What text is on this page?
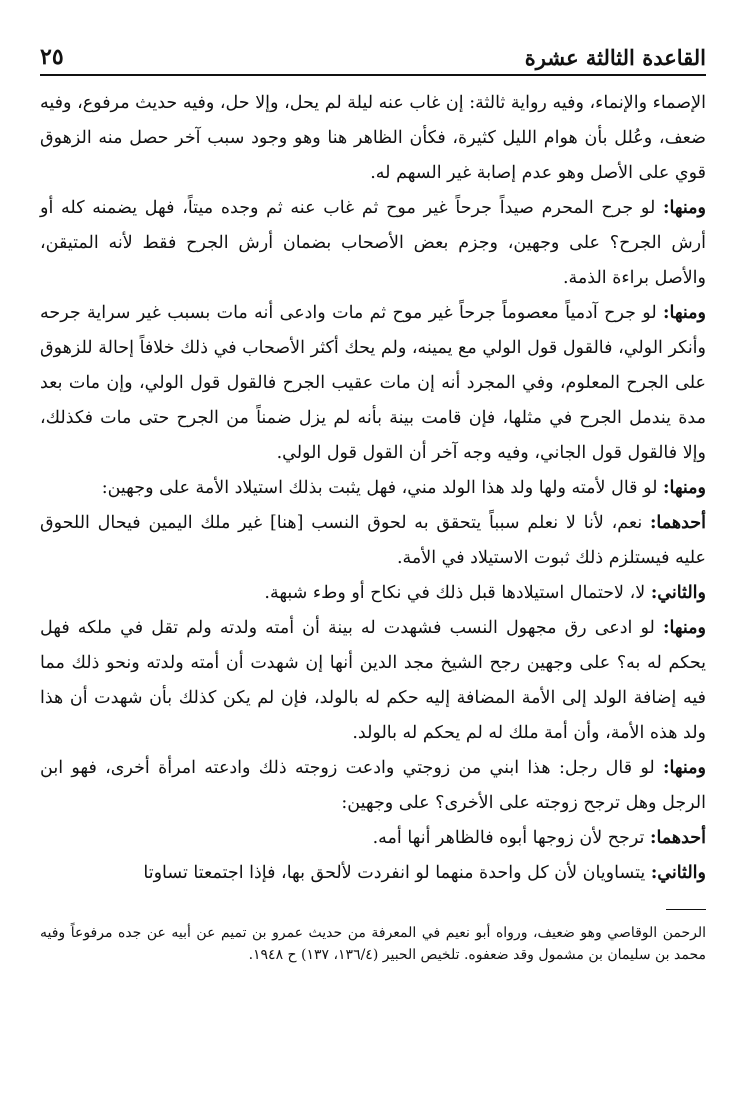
القاعدة الثالثة عشرة
٢٥

الإصماء والإنماء، وفيه رواية ثالثة: إن غاب عنه ليلة لم يحل، وإلا حل، وفيه حديث مرفوع، وفيه ضعف، وعُلل بأن هوام الليل كثيرة، فكأن الظاهر هنا وهو وجود سبب آخر حصل منه الزهوق قوي على الأصل وهو عدم إصابة غير السهم له.

ومنها: لو جرح المحرم صيداً جرحاً غير موح ثم غاب عنه ثم وجده ميتاً، فهل يضمنه كله أو أرش الجرح؟ على وجهين، وجزم بعض الأصحاب بضمان أرش الجرح فقط لأنه المتيقن، والأصل براءة الذمة.

ومنها: لو جرح آدمياً معصوماً جرحاً غير موح ثم مات وادعى أنه مات بسبب غير سراية جرحه وأنكر الولي، فالقول قول الولي مع يمينه، ولم يحك أكثر الأصحاب في ذلك خلافاً إحالة للزهوق على الجرح المعلوم، وفي المجرد أنه إن مات عقيب الجرح فالقول قول الولي، وإن مات بعد مدة يندمل الجرح في مثلها، فإن قامت بينة بأنه لم يزل ضمناً من الجرح حتى مات فكذلك، وإلا فالقول قول الجاني، وفيه وجه آخر أن القول قول الولي.

ومنها: لو قال لأمته ولها ولد هذا الولد مني، فهل يثبت بذلك استيلاد الأمة على وجهين:

أحدهما: نعم، لأنا لا نعلم سبباً يتحقق به لحوق النسب [هنا] غير ملك اليمين فيحال اللحوق عليه فيستلزم ذلك ثبوت الاستيلاد في الأمة.

والثاني: لا، لاحتمال استيلادها قبل ذلك في نكاح أو وطء شبهة.

ومنها: لو ادعى رق مجهول النسب فشهدت له بينة أن أمته ولدته ولم تقل في ملكه فهل يحكم له به؟ على وجهين رجح الشيخ مجد الدين أنها إن شهدت أن أمته ولدته ونحو ذلك مما فيه إضافة الولد إلى الأمة المضافة إليه حكم له بالولد، فإن لم يكن كذلك بأن شهدت أن هذا ولد هذه الأمة، وأن أمة ملك له لم يحكم له بالولد.

ومنها: لو قال رجل: هذا ابني من زوجتي وادعت زوجته ذلك وادعته امرأة أخرى، فهو ابن الرجل وهل ترجح زوجته على الأخرى؟ على وجهين:

أحدهما: ترجح لأن زوجها أبوه فالظاهر أنها أمه.

والثاني: يتساويان لأن كل واحدة منهما لو انفردت لألحق بها، فإذا اجتمعتا تساوتا

الرحمن الوقاصي وهو ضعيف، ورواه أبو نعيم في المعرفة من حديث عمرو بن تميم عن أبيه عن جده مرفوعاً وفيه محمد بن سليمان بن مشمول وقد ضعفوه. تلخيص الحبير (١٣٦/٤، ١٣٧) ح ١٩٤٨.
